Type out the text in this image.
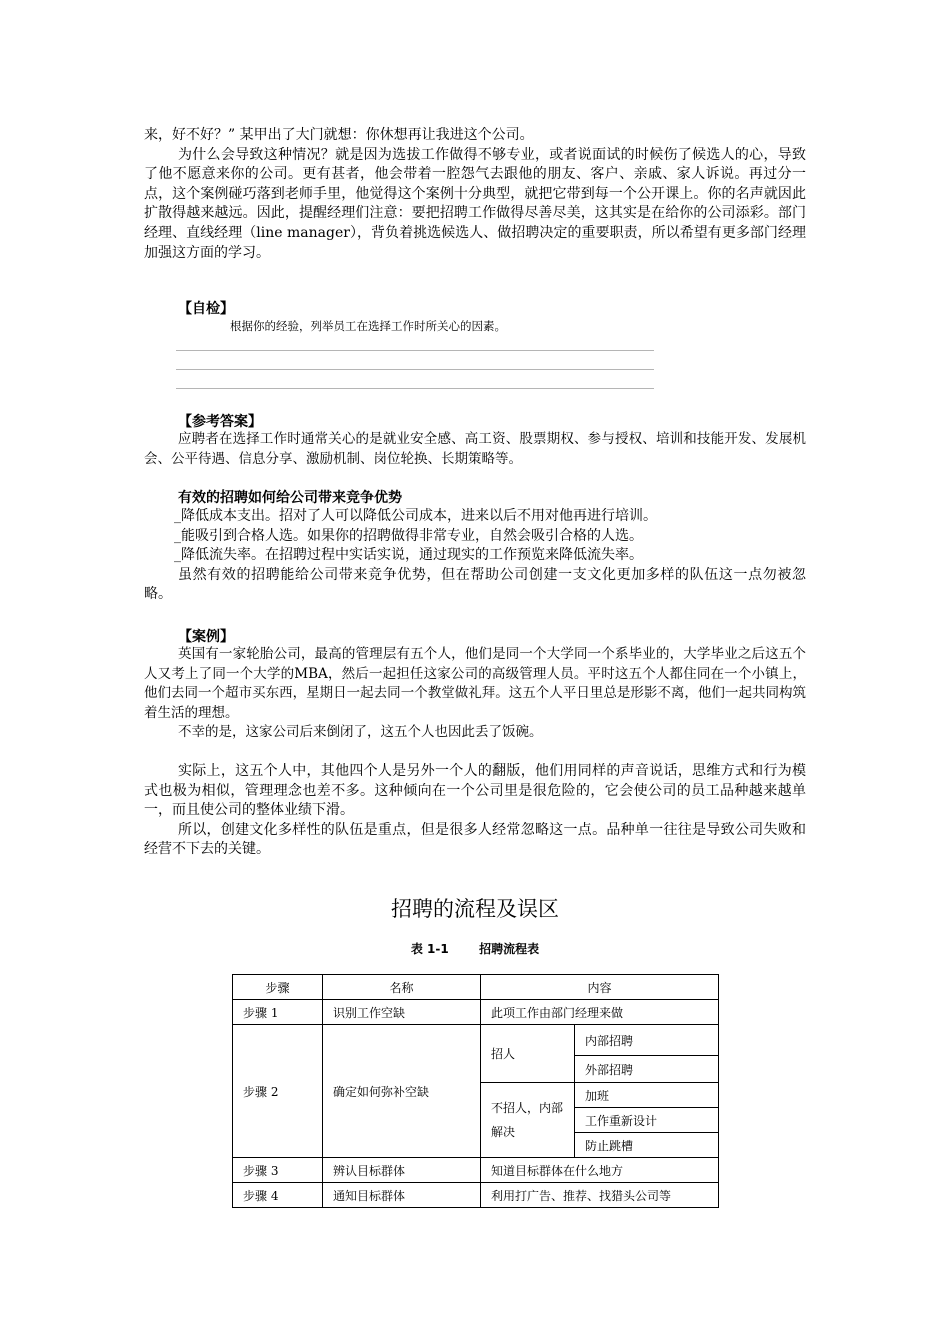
来，好不好？” 某甲出了大门就想：你休想再让我进这个公司。

为什么会导致这种情况？就是因为选拔工作做得不够专业，或者说面试的时候伤了候选人的心，导致了他不愿意来你的公司。更有甚者，他会带着一腔怨气去跟他的朋友、客户、亲戚、家人诉说。再过分一点，这个案例碰巧落到老师手里，他觉得这个案例十分典型，就把它带到每一个公开课上。你的名声就因此扩散得越来越远。因此，提醒经理们注意：要把招聘工作做得尽善尽美，这其实是在给你的公司添彩。部门经理、直线经理（line manager），背负着挑选候选人、做招聘决定的重要职责，所以希望有更多部门经理加强这方面的学习。

【自检】
根据你的经验，列举员工在选择工作时所关心的因素。
【参考答案】

应聘者在选择工作时通常关心的是就业安全感、高工资、股票期权、参与授权、培训和技能开发、发展机会、公平待遇、信息分享、激励机制、岗位轮换、长期策略等。

有效的招聘如何给公司带来竞争优势

_降低成本支出。招对了人可以降低公司成本，进来以后不用对他再进行培训。

_能吸引到合格人选。如果你的招聘做得非常专业，自然会吸引合格的人选。

_降低流失率。在招聘过程中实话实说，通过现实的工作预览来降低流失率。

虽然有效的招聘能给公司带来竞争优势，但在帮助公司创建一支文化更加多样的队伍这一点勿被忽略。

【案例】

英国有一家轮胎公司，最高的管理层有五个人，他们是同一个大学同一个系毕业的，大学毕业之后这五个人又考上了同一个大学的MBA，然后一起担任这家公司的高级管理人员。平时这五个人都住同在一个小镇上，他们去同一个超市买东西，星期日一起去同一个教堂做礼拜。这五个人平日里总是形影不离，他们一起共同构筑着生活的理想。

不幸的是，这家公司后来倒闭了，这五个人也因此丢了饭碗。

实际上，这五个人中，其他四个人是另外一个人的翻版，他们用同样的声音说话，思维方式和行为模式也极为相似，管理理念也差不多。这种倾向在一个公司里是很危险的，它会使公司的员工品种越来越单一，而且使公司的整体业绩下滑。

所以，创建文化多样性的队伍是重点，但是很多人经常忽略这一点。品种单一往往是导致公司失败和经营不下去的关键。

招聘的流程及误区
表 1-1	招聘流程表
步骤	名称	内容	
步骤 1	识别工作空缺	此项工作由部门经理来做	
步骤 2	确定如何弥补空缺	招人	内部招聘
			外部招聘
		不招人，内部解决	加班
			工作重新设计
			防止跳槽
步骤 3	辨认目标群体	知道目标群体在什么地方	
步骤 4	通知目标群体	利用打广告、推荐、找猎头公司等	
